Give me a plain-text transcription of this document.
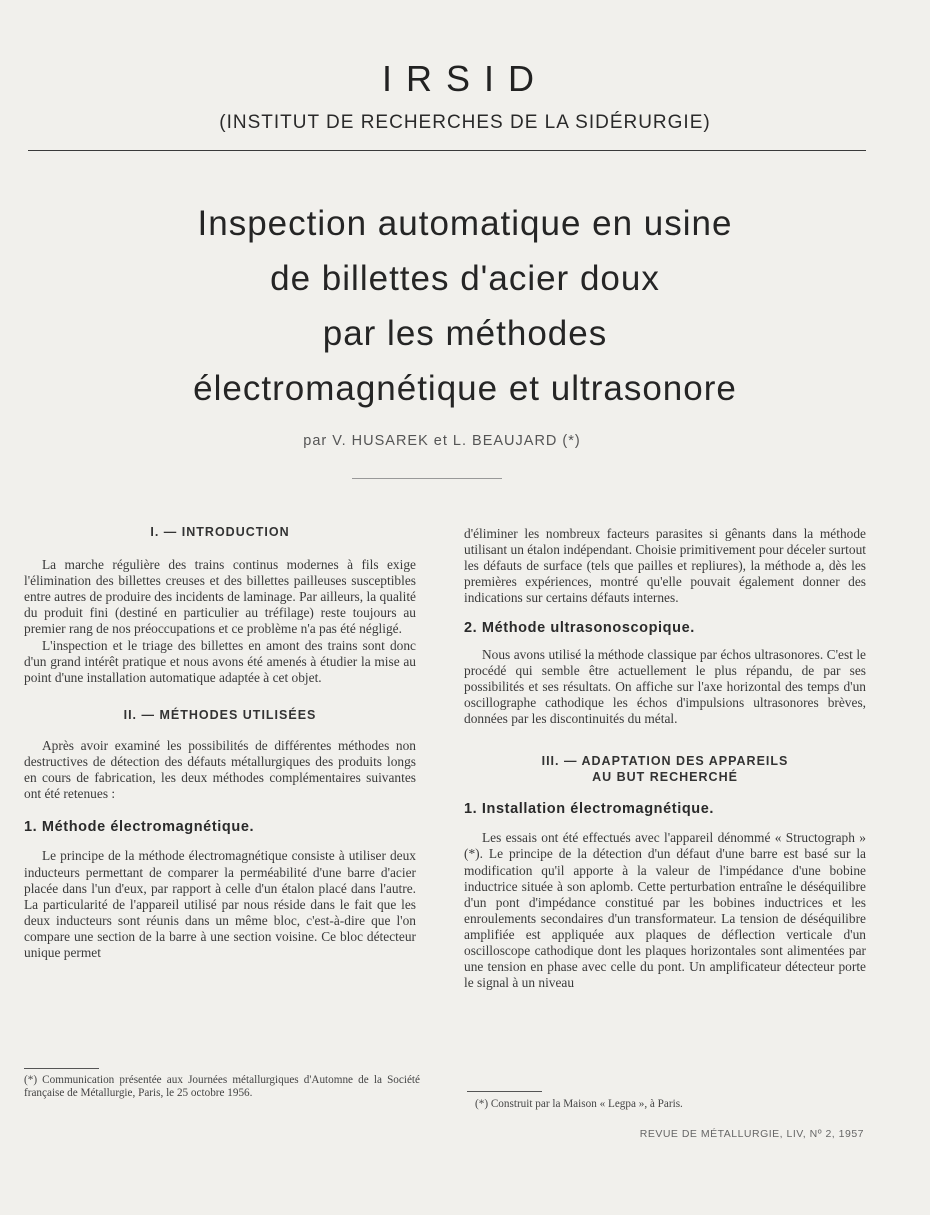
IRSID
(INSTITUT DE RECHERCHES DE LA SIDÉRURGIE)
Inspection automatique en usine
de billettes d'acier doux
par les méthodes
électromagnétique et ultrasonore
par V. HUSAREK et L. BEAUJARD (*)
I. — INTRODUCTION

La marche régulière des trains continus modernes à fils exige l'élimination des billettes creuses et des billettes pailleuses susceptibles entre autres de produire des incidents de laminage. Par ailleurs, la qualité du produit fini (destiné en particulier au tréfilage) reste toujours au premier rang de nos préoccupations et ce problème n'a pas été négligé.

L'inspection et le triage des billettes en amont des trains sont donc d'un grand intérêt pratique et nous avons été amenés à étudier la mise au point d'une installation automatique adaptée à cet objet.

II. — MÉTHODES UTILISÉES

Après avoir examiné les possibilités de différentes méthodes non destructives de détection des défauts métallurgiques des produits longs en cours de fabrication, les deux méthodes complémentaires suivantes ont été retenues :

1. Méthode électromagnétique.

Le principe de la méthode électromagnétique consiste à utiliser deux inducteurs permettant de comparer la perméabilité d'une barre d'acier placée dans l'un d'eux, par rapport à celle d'un étalon placé dans l'autre. La particularité de l'appareil utilisé par nous réside dans le fait que les deux inducteurs sont réunis dans un même bloc, c'est-à-dire que l'on compare une section de la barre à une section voisine. Ce bloc détecteur unique permet

(*) Communication présentée aux Journées métallurgiques d'Automne de la Société française de Métallurgie, Paris, le 25 octobre 1956.

d'éliminer les nombreux facteurs parasites si gênants dans la méthode utilisant un étalon indépendant. Choisie primitivement pour déceler surtout les défauts de surface (tels que pailles et repliures), la méthode a, dès les premières expériences, montré qu'elle pouvait également donner des indications sur certains défauts internes.

2. Méthode ultrasonoscopique.

Nous avons utilisé la méthode classique par échos ultrasonores. C'est le procédé qui semble être actuellement le plus répandu, de par ses possibilités et ses résultats. On affiche sur l'axe horizontal des temps d'un oscillographe cathodique les échos d'impulsions ultrasonores brèves, données par les discontinuités du métal.

III. — ADAPTATION DES APPAREILS
AU BUT RECHERCHÉ
1. Installation électromagnétique.

Les essais ont été effectués avec l'appareil dénommé « Structograph » (*). Le principe de la détection d'un défaut d'une barre est basé sur la modification qu'il apporte à la valeur de l'impédance d'une bobine inductrice située à son aplomb. Cette perturbation entraîne le déséquilibre d'un pont d'impédance constitué par les bobines inductrices et les enroulements secondaires d'un transformateur. La tension de déséquilibre amplifiée est appliquée aux plaques de déflection verticale d'un oscilloscope cathodique dont les plaques horizontales sont alimentées par une tension en phase avec celle du pont. Un amplificateur détecteur porte le signal à un niveau

(*) Construit par la Maison « Legpa », à Paris.
REVUE DE MÉTALLURGIE, LIV, Nº 2, 1957
